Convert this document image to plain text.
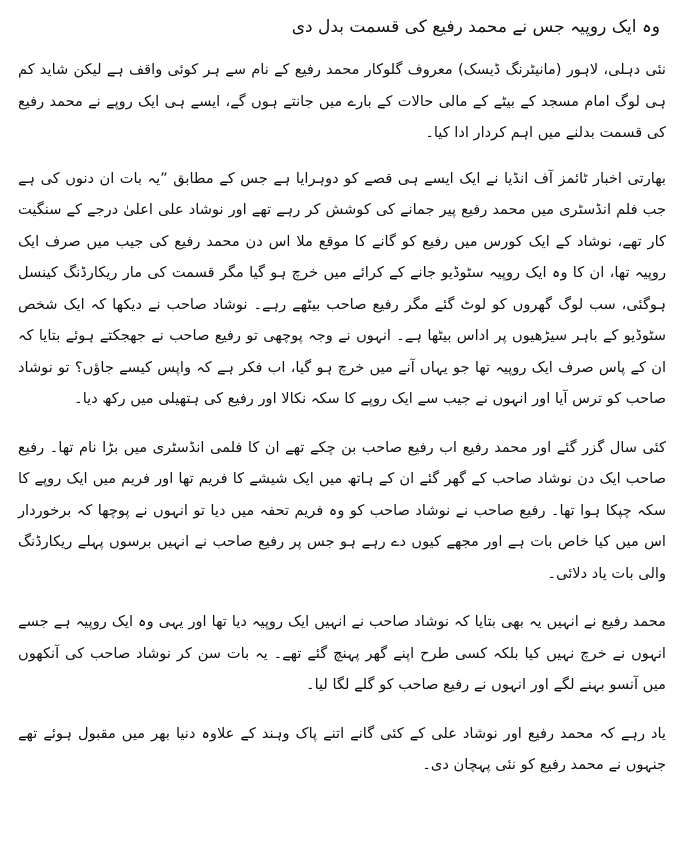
وہ ایک روپیہ جس نے محمد رفیع کی قسمت بدل دی

نئی دہلی، لاہور (مانیٹرنگ ڈیسک) معروف گلوکار محمد رفیع کے نام سے ہر کوئی واقف ہے لیکن شاید کم ہی لوگ امام مسجد کے بیٹے کے مالی حالات کے بارے میں جانتے ہوں گے، ایسے ہی ایک روپے نے محمد رفیع کی قسمت بدلنے میں اہم کردار ادا کیا۔

بھارتی اخبار ٹائمز آف انڈیا نے ایک ایسے ہی قصے کو دوہرایا ہے جس کے مطابق ”یہ بات ان دنوں کی ہے جب فلم انڈسٹری میں محمد رفیع پیر جمانے کی کوشش کر رہے تھے اور نوشاد علی اعلیٰ درجے کے سنگیت کار تھے، نوشاد کے ایک کورس میں رفیع کو گانے کا موقع ملا اس دن محمد رفیع کی جیب میں صرف ایک روپیہ تھا، ان کا وہ ایک روپیہ سٹوڈیو جانے کے کرائے میں خرچ ہو گیا مگر قسمت کی مار ریکارڈنگ کینسل ہوگئی، سب لوگ گھروں کو لوٹ گئے مگر رفیع صاحب بیٹھے رہے۔ نوشاد صاحب نے دیکھا کہ ایک شخص سٹوڈیو کے باہر سیڑھیوں پر اداس بیٹھا ہے۔ انہوں نے وجہ پوچھی تو رفیع صاحب نے جھجکتے ہوئے بتایا کہ ان کے پاس صرف ایک روپیہ تھا جو یہاں آنے میں خرچ ہو گیا، اب فکر ہے کہ واپس کیسے جاؤں؟ تو نوشاد صاحب کو ترس آیا اور انہوں نے جیب سے ایک روپے کا سکہ نکالا اور رفیع کی ہتھیلی میں رکھ دیا۔

کئی سال گزر گئے اور محمد رفیع اب رفیع صاحب بن چکے تھے ان کا فلمی انڈسٹری میں بڑا نام تھا۔ رفیع صاحب ایک دن نوشاد صاحب کے گھر گئے ان کے ہاتھ میں ایک شیشے کا فریم تھا اور فریم میں ایک روپے کا سکہ چپکا ہوا تھا۔ رفیع صاحب نے نوشاد صاحب کو وہ فریم تحفہ میں دیا تو انہوں نے پوچھا کہ برخوردار اس میں کیا خاص بات ہے اور مجھے کیوں دے رہے ہو جس پر رفیع صاحب نے انہیں برسوں پہلے ریکارڈنگ والی بات یاد دلائی۔

محمد رفیع نے انہیں یہ بھی بتایا کہ نوشاد صاحب نے انہیں ایک روپیہ دیا تھا اور یہی وہ ایک روپیہ ہے جسے انہوں نے خرچ نہیں کیا بلکہ کسی طرح اپنے گھر پہنچ گئے تھے۔ یہ بات سن کر نوشاد صاحب کی آنکھوں میں آنسو بہنے لگے اور انہوں نے رفیع صاحب کو گلے لگا لیا۔

یاد رہے کہ محمد رفیع اور نوشاد علی کے کئی گانے اتنے پاک وہند کے علاوہ دنیا بھر میں مقبول ہوئے تھے جنہوں نے محمد رفیع کو نئی پہچان دی۔
